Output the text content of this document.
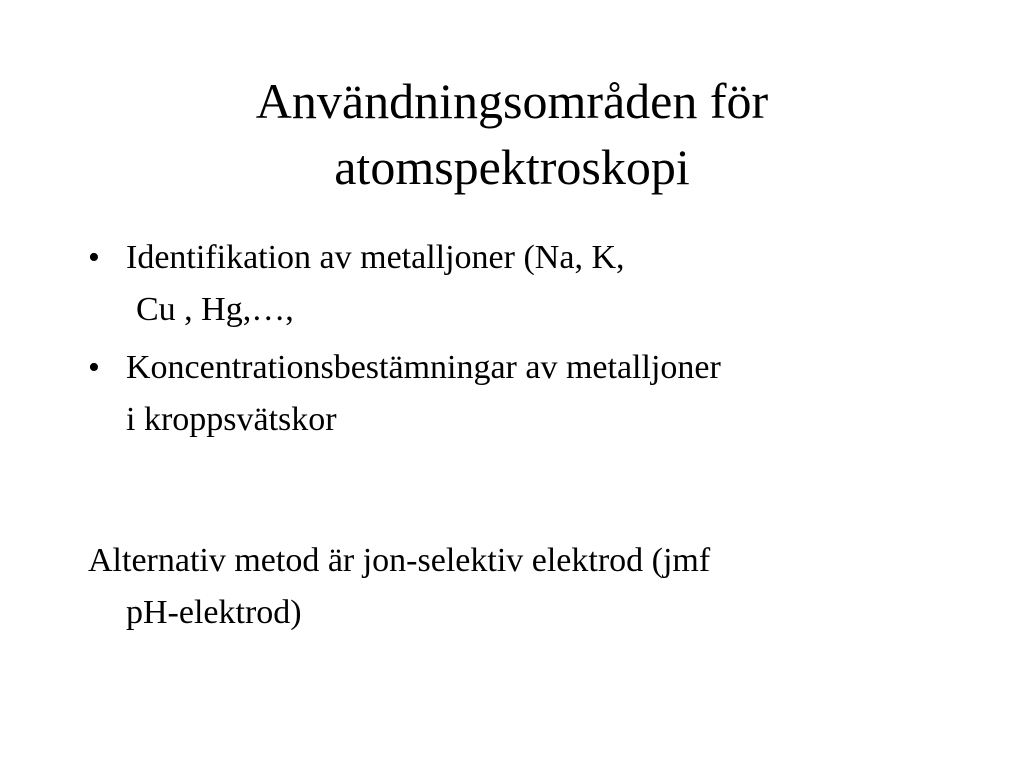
Användningsområden för
atomspektroskopi
• Identifikation av metalljoner (Na, K,
Cu , Hg,…,
• Koncentrationsbestämningar av metalljoner
i kroppsvätskor

Alternativ metod är jon-selektiv elektrod (jmf
pH-elektrod)
